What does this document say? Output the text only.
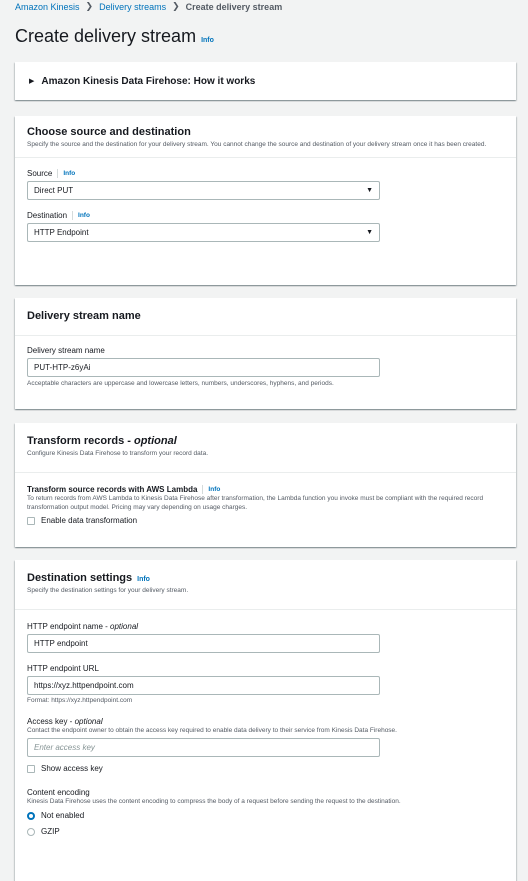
Amazon Kinesis ❯ Delivery streams ❯ Create delivery stream
Create delivery stream Info
▶ Amazon Kinesis Data Firehose: How it works
Choose source and destination

Specify the source and the destination for your delivery stream. You cannot change the source and destination of your delivery stream once it has been created.

Source Info
Direct PUT	▼
Destination Info
HTTP Endpoint	▼
Delivery stream name
Delivery stream name
PUT-HTP-z6yAi

Acceptable characters are uppercase and lowercase letters, numbers, underscores, hyphens, and periods.

Transform records - optional

Configure Kinesis Data Firehose to transform your record data.

Transform source records with AWS Lambda Info

To return records from AWS Lambda to Kinesis Data Firehose after transformation, the Lambda function you invoke must be compliant with the required record transformation output model. Pricing may vary depending on usage charges.

Enable data transformation
Destination settings Info

Specify the destination settings for your delivery stream.

HTTP endpoint name - optional
HTTP endpoint
HTTP endpoint URL
https://xyz.httpendpoint.com

Format: https://xyz.httpendpoint.com

Access key - optional

Contact the endpoint owner to obtain the access key required to enable data delivery to their service from Kinesis Data Firehose.

Enter access key
Show access key
Content encoding

Kinesis Data Firehose uses the content encoding to compress the body of a request before sending the request to the destination.

Not enabled
GZIP
